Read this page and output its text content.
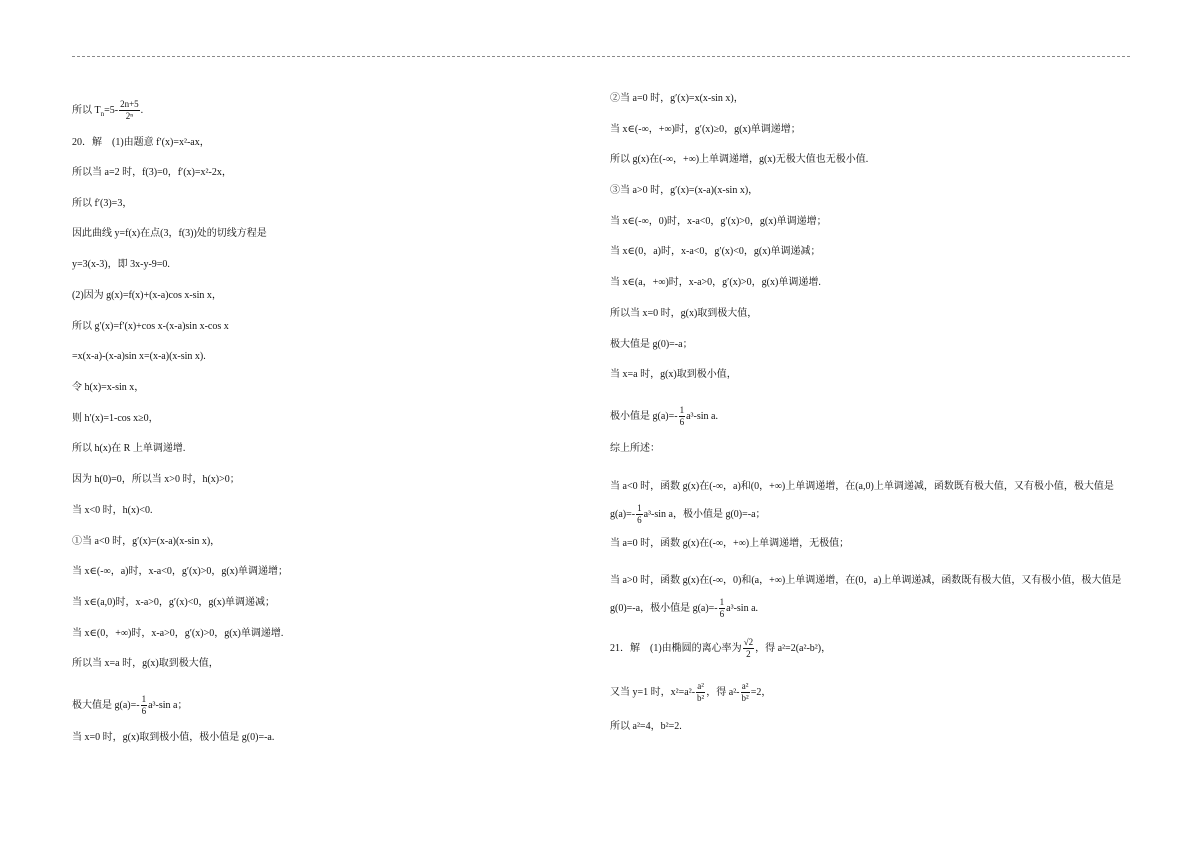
所以 $T_n=5- \frac{2n+5}{\text{2ⁿ}}$ .
20．解　(1)由题意 f′(x)=x²-ax，
所以当 a=2 时，f(3)=0，f′(x)=x²-2x，
所以 f′(3)=3，
因此曲线 y=f(x)在点(3，f(3))处的切线方程是
y=3(x-3)，即 3x-y-9=0.
(2)因为 g(x)=f(x)+(x-a)cos x-sin x，
所以 g′(x)=f′(x)+cos x-(x-a)sin x-cos x
=x(x-a)-(x-a)sin x=(x-a)(x-sin x).
令 h(x)=x-sin x，
则 h′(x)=1-cos x≥0，
所以 h(x)在 R 上单调递增.
因为 h(0)=0，所以当 x>0 时，h(x)>0；
当 x<0 时，h(x)<0.
①当 a<0 时，g′(x)=(x-a)(x-sin x)，
当 x∈(-∞，a)时，x-a<0，g′(x)>0，g(x)单调递增；
当 x∈(a,0)时，x-a>0，g′(x)<0，g(x)单调递减；
当 x∈(0，+∞)时，x-a>0，g′(x)>0，g(x)单调递增.
所以当 x=a 时，g(x)取到极大值，
极大值是 $g(a)=- \frac{1}{6} a^3-\sin$ a；
当 x=0 时，g(x)取到极小值，极小值是 g(0)=-a.
②当 a=0 时，g′(x)=x(x-sin x)，
当 x∈(-∞，+∞)时，g′(x)≥0，g(x)单调递增；
所以 g(x)在(-∞，+∞)上单调递增，g(x)无极大值也无极小值.
③当 a>0 时，g′(x)=(x-a)(x-sin x)，
当 x∈(-∞，0)时，x-a<0，g′(x)>0，g(x)单调递增；
当 x∈(0，a)时，x-a<0，g′(x)<0，g(x)单调递减；
当 x∈(a，+∞)时，x-a>0，g′(x)>0，g(x)单调递增.
所以当 x=0 时，g(x)取到极大值，
极大值是 g(0)=-a；
当 x=a 时，g(x)取到极小值，
极小值是 $g(a)=- \frac{1}{6} a^3-\sin$ a.
综上所述：
当 a<0 时，函数 g(x)在(-∞，a)和(0，+∞)上单调递增，在(a,0)上单调递减，函数既有极大值，又有极小值，极大值是 $g(a)=- \frac{1}{6} a^3-\sin$ a，极小值是 g(0)=-a；
当 a=0 时，函数 g(x)在(-∞，+∞)上单调递增，无极值；
当 a>0 时，函数 g(x)在(-∞，0)和(a，+∞)上单调递增，在(0，a)上单调递减，函数既有极大值，又有极小值，极大值是 g(0)=-a，极小值是 $g(a)=- \frac{1}{6} a^3-\sin$ a.
21．解　(1)由椭圆的离心率为 $\frac{√2}{2}$ ，得 a²=2(a²-b²)，
又当 y=1 时，$x^2=a^2- \frac{\text{a²}}{\text{b²}}$ ，得 $a^2- \frac{\text{a²}}{\text{b²}} =2$，
所以 a²=4，b²=2.
